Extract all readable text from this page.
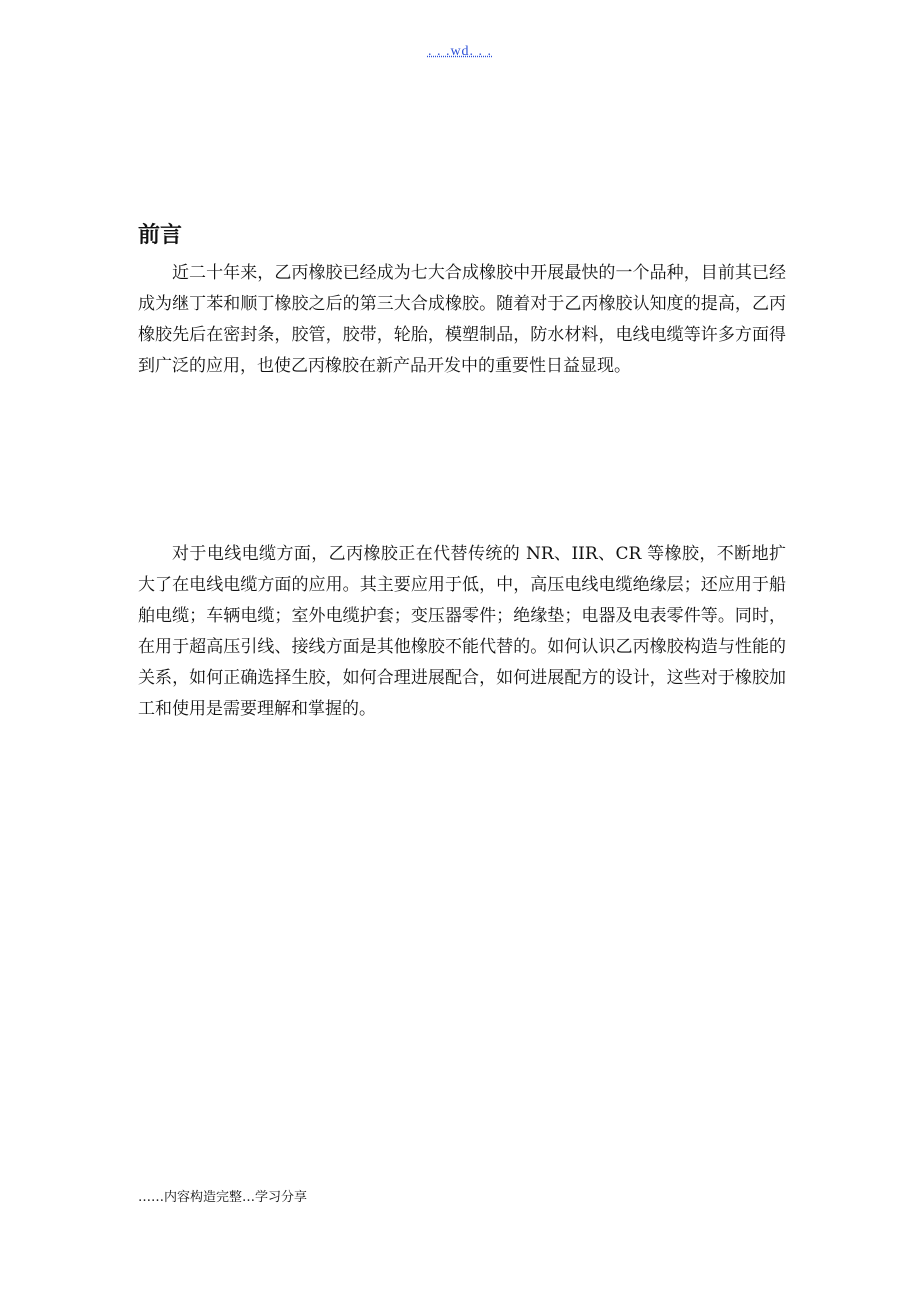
. . .wd. . .
前言

近二十年来，乙丙橡胶已经成为七大合成橡胶中开展最快的一个品种，目前其已经成为继丁苯和顺丁橡胶之后的第三大合成橡胶。随着对于乙丙橡胶认知度的提高，乙丙橡胶先后在密封条，胶管，胶带，轮胎，模塑制品，防水材料，电线电缆等许多方面得到广泛的应用，也使乙丙橡胶在新产品开发中的重要性日益显现。

对于电线电缆方面，乙丙橡胶正在代替传统的 NR、IIR、CR 等橡胶，不断地扩大了在电线电缆方面的应用。其主要应用于低，中，高压电线电缆绝缘层；还应用于船舶电缆；车辆电缆；室外电缆护套；变压器零件；绝缘垫；电器及电表零件等。同时，在用于超高压引线、接线方面是其他橡胶不能代替的。如何认识乙丙橡胶构造与性能的关系，如何正确选择生胶，如何合理进展配合，如何进展配方的设计，这些对于橡胶加工和使用是需要理解和掌握的。

……内容构造完整…学习分享
